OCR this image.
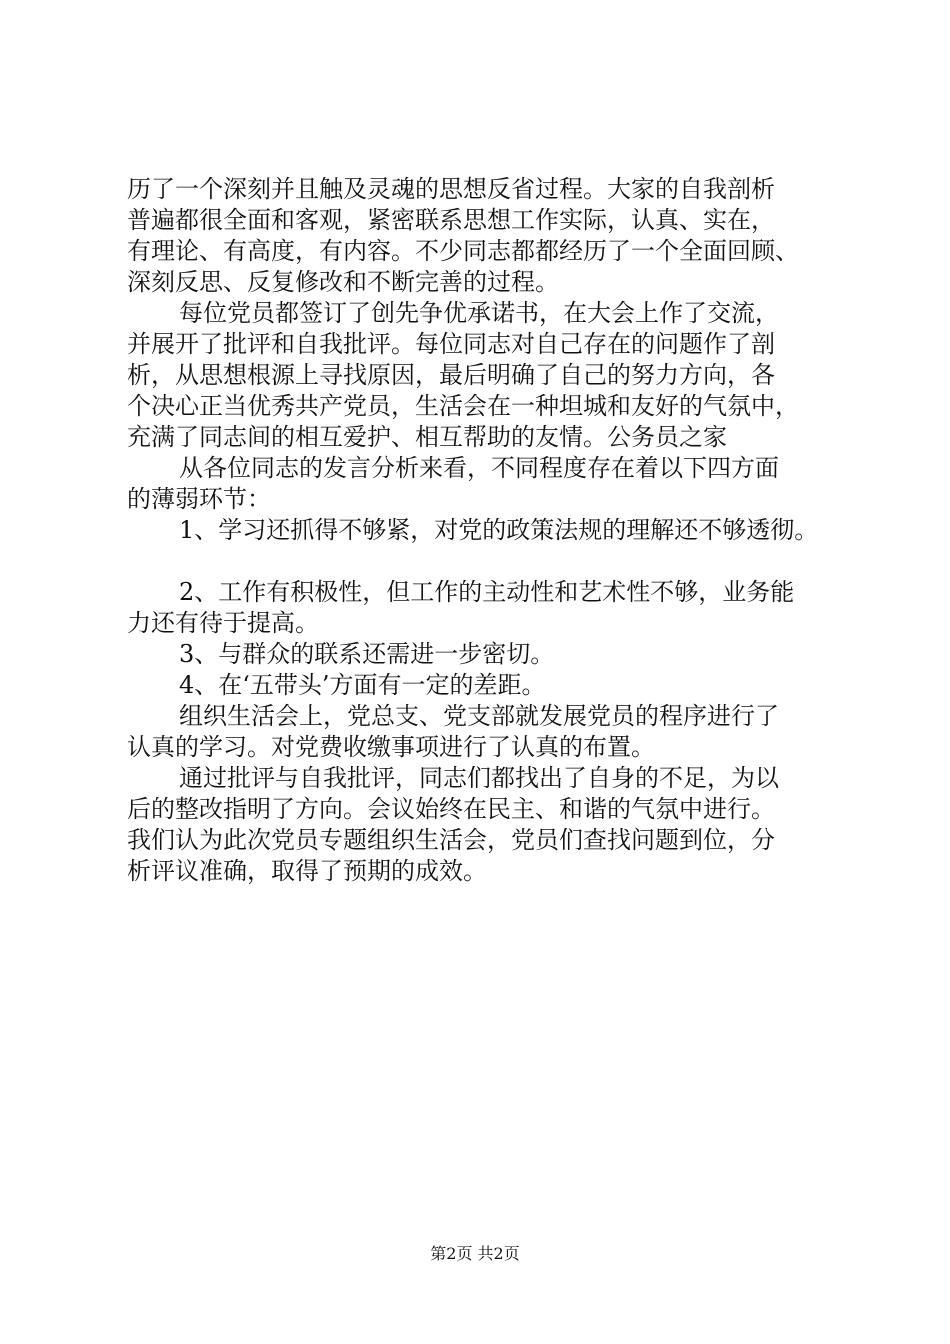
历了一个深刻并且触及灵魂的思想反省过程。大家的自我剖析
普遍都很全面和客观，紧密联系思想工作实际，认真、实在，
有理论、有高度，有内容。不少同志都都经历了一个全面回顾、
深刻反思、反复修改和不断完善的过程。
每位党员都签订了创先争优承诺书，在大会上作了交流，
并展开了批评和自我批评。每位同志对自己存在的问题作了剖
析，从思想根源上寻找原因，最后明确了自己的努力方向，各
个决心正当优秀共产党员，生活会在一种坦城和友好的气氛中，
充满了同志间的相互爱护、相互帮助的友情。公务员之家
从各位同志的发言分析来看，不同程度存在着以下四方面
的薄弱环节：
1、学习还抓得不够紧，对党的政策法规的理解还不够透彻。
2、工作有积极性，但工作的主动性和艺术性不够，业务能
力还有待于提高。
3、与群众的联系还需进一步密切。
4、在‘五带头’方面有一定的差距。
组织生活会上，党总支、党支部就发展党员的程序进行了
认真的学习。对党费收缴事项进行了认真的布置。
通过批评与自我批评，同志们都找出了自身的不足，为以
后的整改指明了方向。会议始终在民主、和谐的气氛中进行。
我们认为此次党员专题组织生活会，党员们查找问题到位，分
析评议准确，取得了预期的成效。
第2页 共2页
